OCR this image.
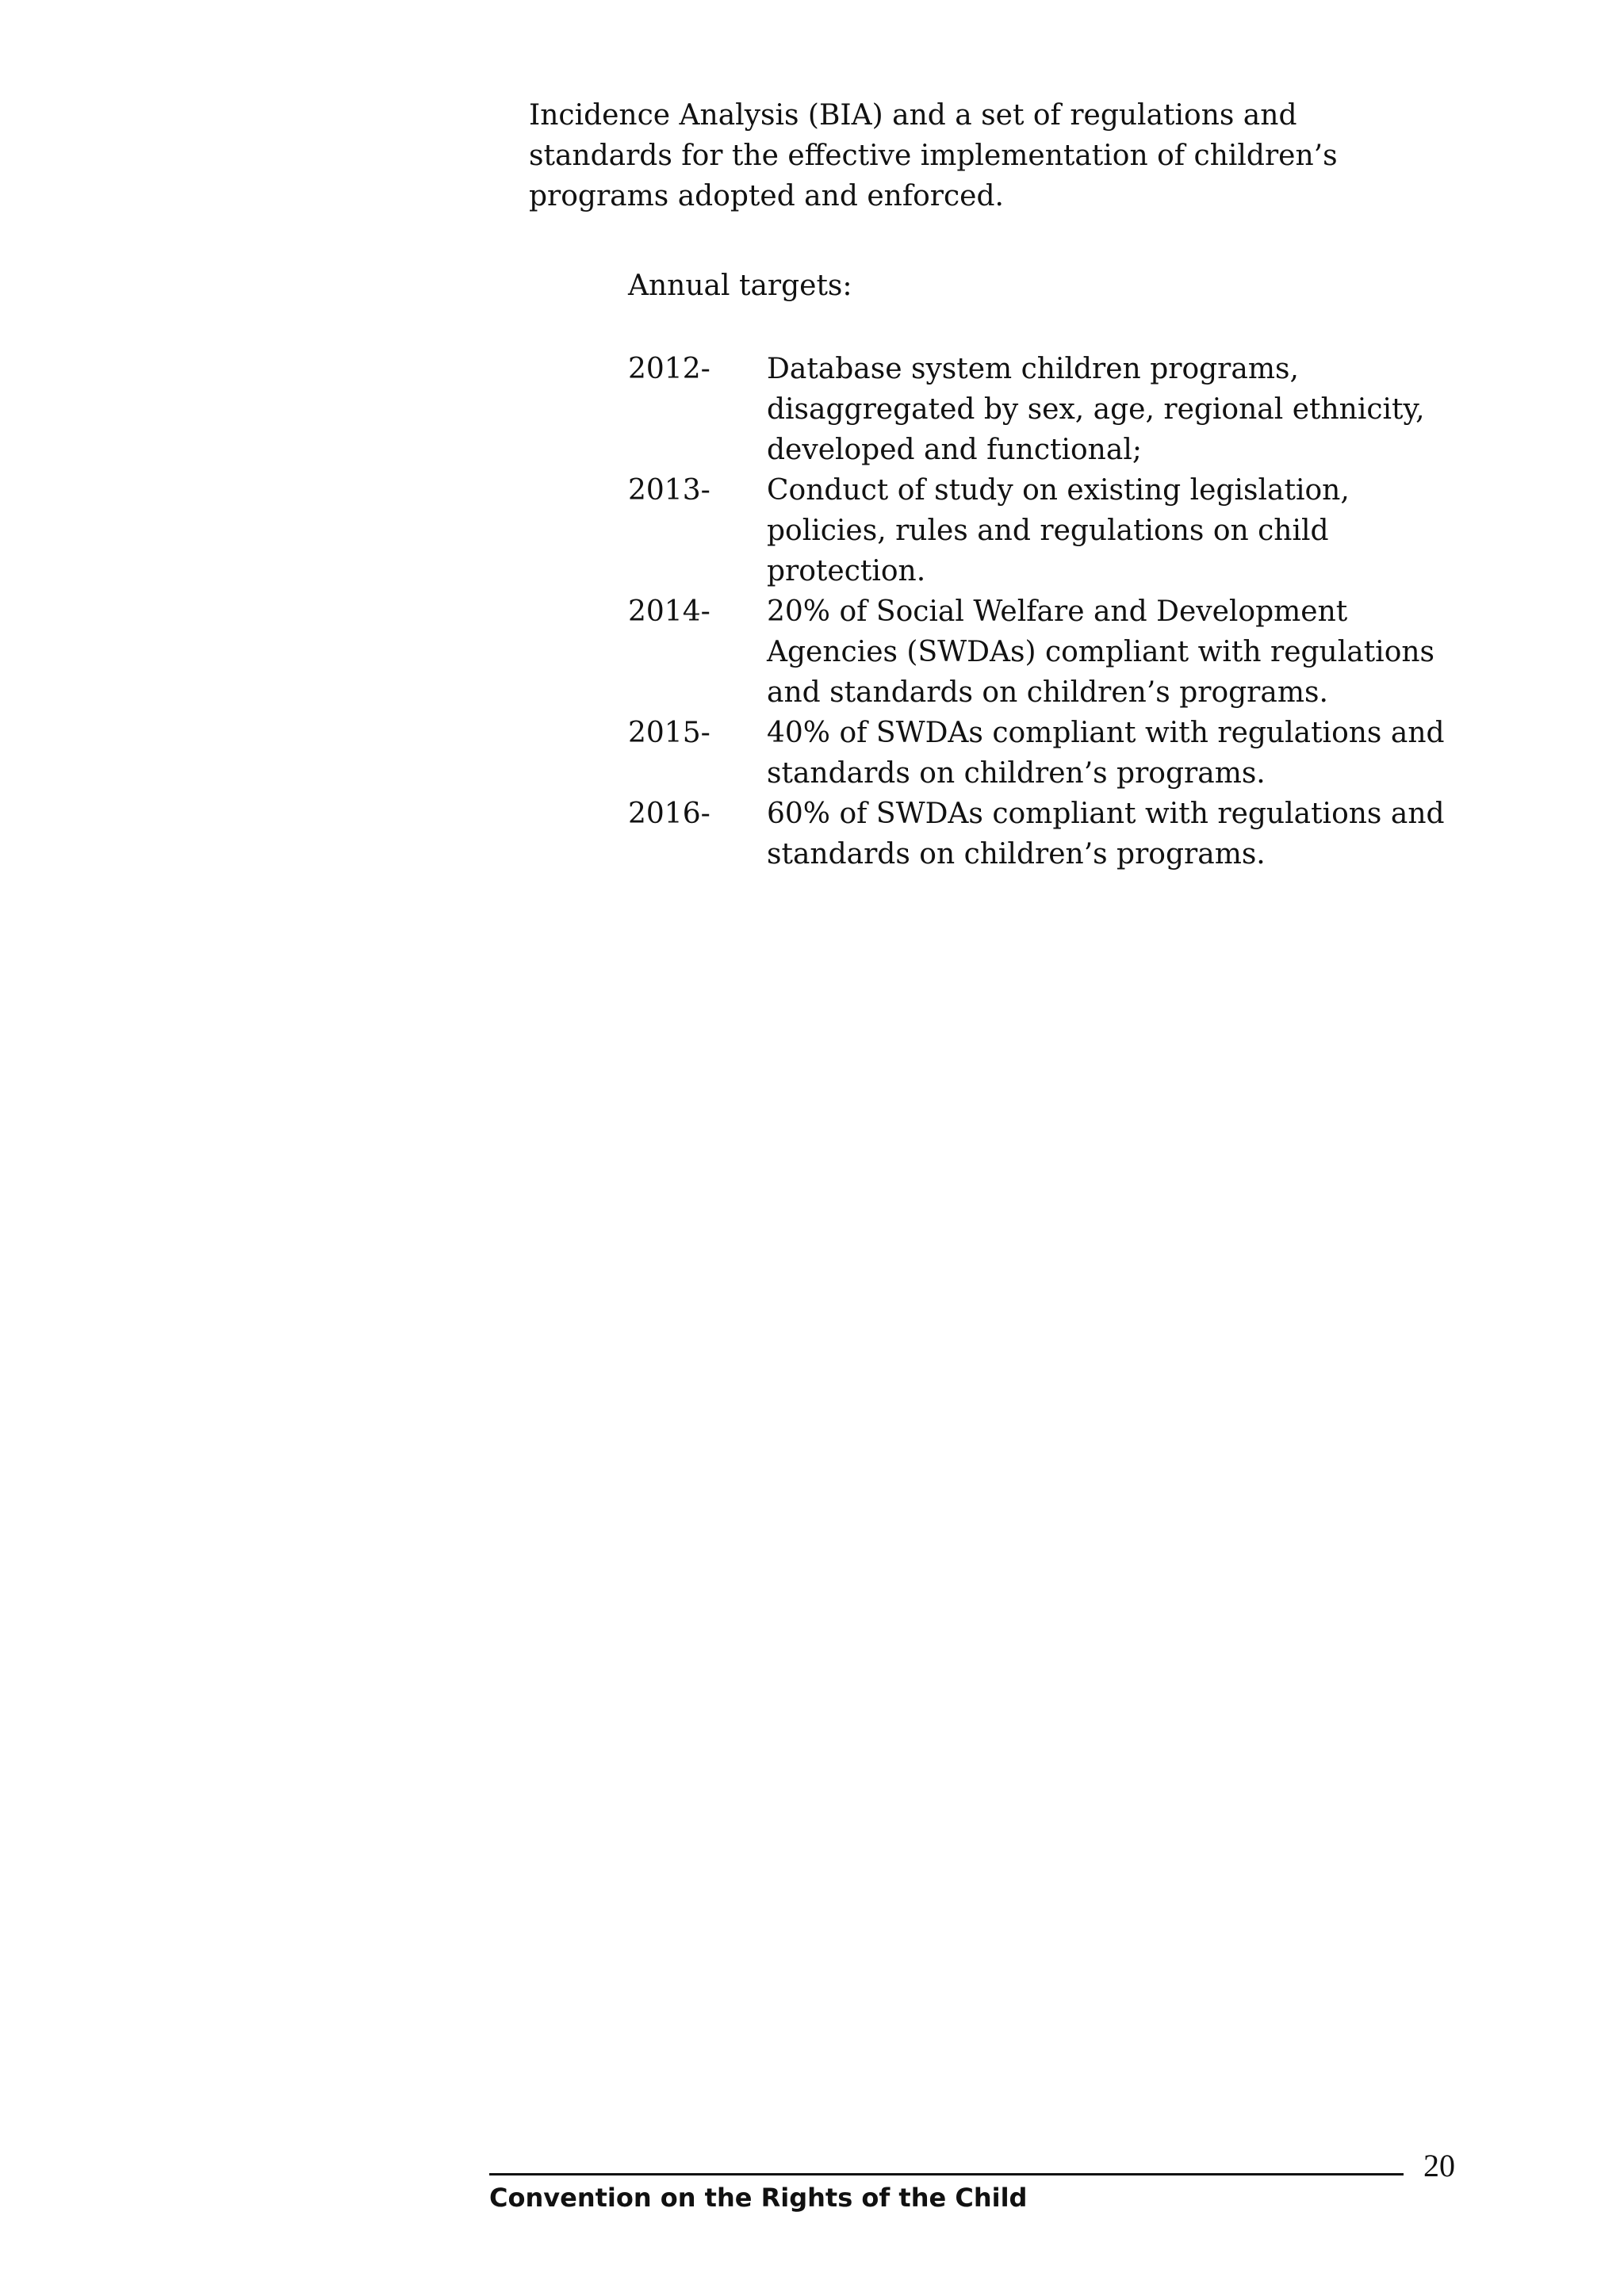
Incidence Analysis (BIA) and a set of regulations and standards for the effective implementation of children’s programs adopted and enforced.

Annual targets:

2012-	Database system children programs, disaggregated by sex, age, regional ethnicity, developed and functional;
2013-	Conduct of study on existing legislation, policies, rules and regulations on child protection.
2014-	20% of Social Welfare and Development Agencies (SWDAs) compliant with regulations and standards on children’s programs.
2015-	40% of SWDAs compliant with regulations and standards on children’s programs.
2016-	60% of SWDAs compliant with regulations and standards on children’s programs.
20

Convention on the Rights of the Child
